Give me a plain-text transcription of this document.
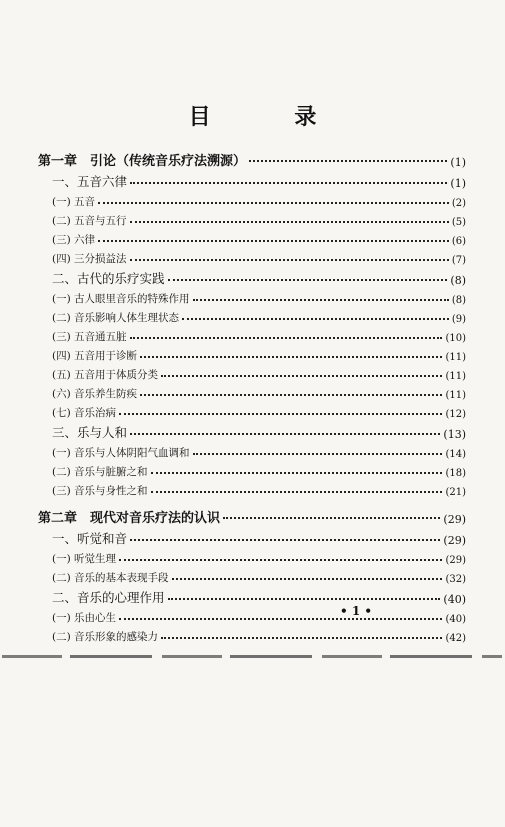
目 录
第一章　引论（传统音乐疗法溯源）	(1)
一、五音六律	(1)
(一) 五音	(2)
(二) 五音与五行	(5)
(三) 六律	(6)
(四) 三分损益法	(7)
二、古代的乐疗实践	(8)
(一) 古人眼里音乐的特殊作用	(8)
(二) 音乐影响人体生理状态	(9)
(三) 五音通五脏	(10)
(四) 五音用于诊断	(11)
(五) 五音用于体质分类	(11)
(六) 音乐养生防疾	(11)
(七) 音乐治病	(12)
三、乐与人和	(13)
(一) 音乐与人体阴阳气血调和	(14)
(二) 音乐与脏腑之和	(18)
(三) 音乐与身性之和	(21)
第二章　现代对音乐疗法的认识	(29)
一、听觉和音	(29)
(一) 听觉生理	(29)
(二) 音乐的基本表现手段	(32)
二、音乐的心理作用	(40)
(一) 乐由心生	(40)
(二) 音乐形象的感染力	(42)
• 1 •
